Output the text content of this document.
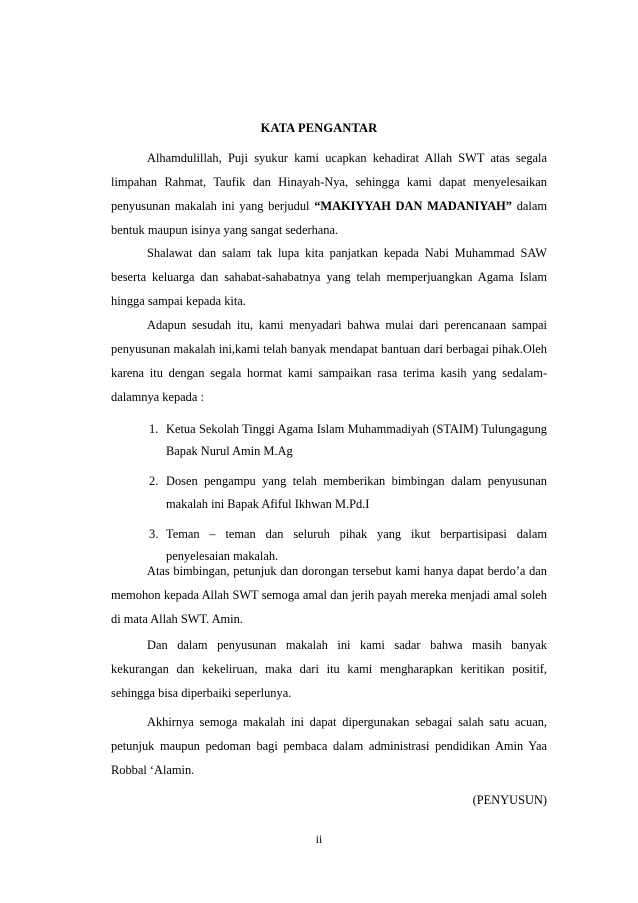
KATA PENGANTAR

Alhamdulillah, Puji syukur kami ucapkan kehadirat Allah SWT atas segala limpahan Rahmat, Taufik dan Hinayah-Nya, sehingga kami dapat menyelesaikan penyusunan makalah ini yang berjudul “MAKIYYAH DAN MADANIYAH” dalam bentuk maupun isinya yang sangat sederhana.

Shalawat dan salam tak lupa kita panjatkan kepada Nabi Muhammad SAW beserta keluarga dan sahabat-sahabatnya yang telah memperjuangkan Agama Islam hingga sampai kepada kita.

Adapun sesudah itu, kami menyadari bahwa mulai dari perencanaan sampai penyusunan makalah ini,kami telah banyak mendapat bantuan dari berbagai pihak.Oleh karena itu dengan segala hormat kami sampaikan rasa terima kasih yang sedalam-dalamnya kepada :

1. Ketua Sekolah Tinggi Agama Islam Muhammadiyah (STAIM) Tulungagung Bapak Nurul Amin M.Ag
2. Dosen pengampu yang telah memberikan bimbingan dalam penyusunan makalah ini Bapak Afiful Ikhwan M.Pd.I
3. Teman – teman dan seluruh pihak yang ikut berpartisipasi dalam penyelesaian makalah.

Atas bimbingan, petunjuk dan dorongan tersebut kami hanya dapat berdo’a dan memohon kepada Allah SWT semoga amal dan jerih payah mereka menjadi amal soleh di mata Allah SWT. Amin.

Dan dalam penyusunan makalah ini kami sadar bahwa masih banyak kekurangan dan kekeliruan, maka dari itu kami mengharapkan keritikan positif, sehingga bisa diperbaiki seperlunya.

Akhirnya semoga makalah ini dapat dipergunakan sebagai salah satu acuan, petunjuk maupun pedoman bagi pembaca dalam administrasi pendidikan Amin Yaa Robbal ‘Alamin.

(PENYUSUN)
ii
